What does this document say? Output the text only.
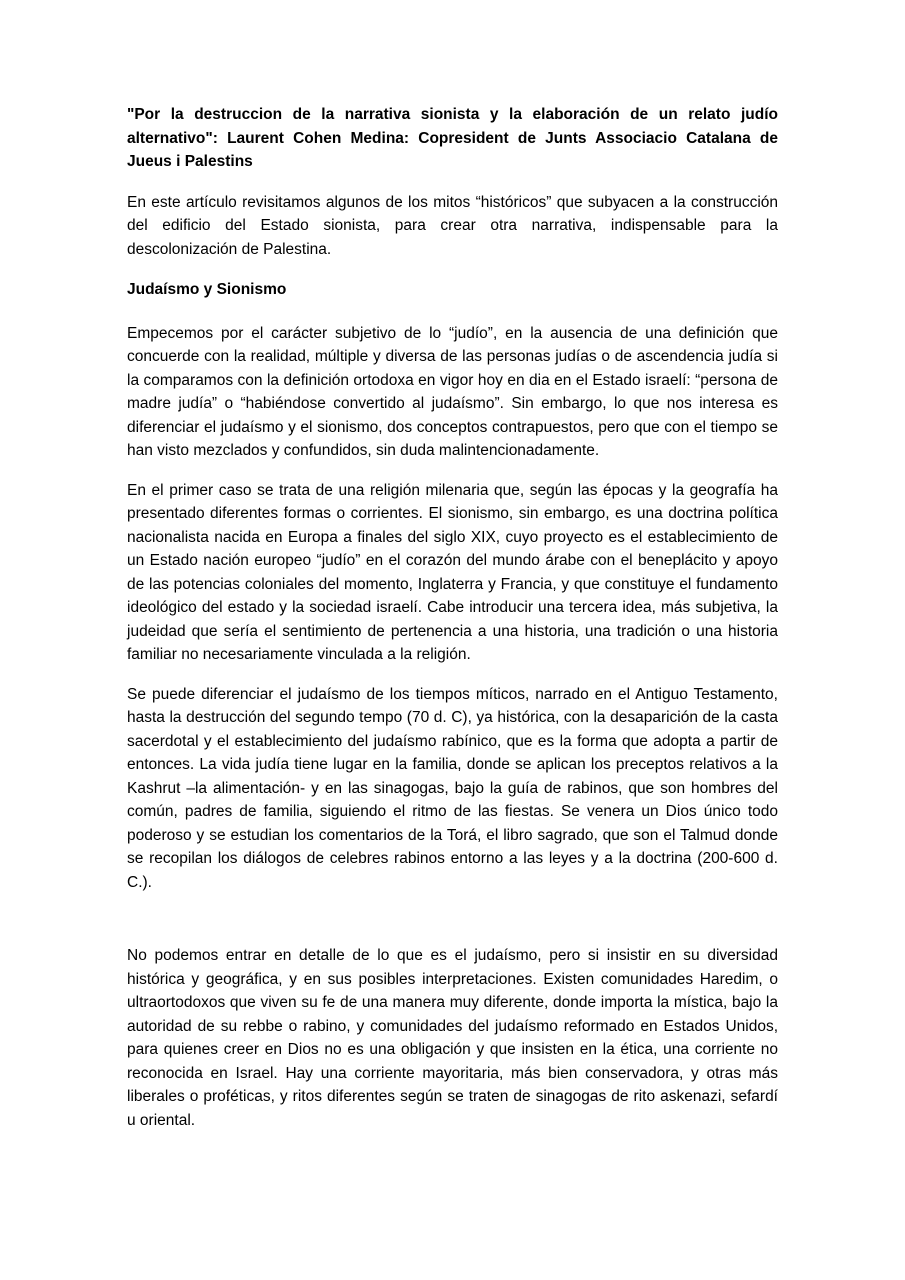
"Por la destruccion de la narrativa sionista y la elaboración de un relato judío alternativo": Laurent Cohen Medina: Copresident de Junts Associacio Catalana de Jueus i Palestins

En este artículo revisitamos algunos de los mitos “históricos” que subyacen a la construcción del edificio del Estado sionista, para crear otra narrativa, indispensable para la descolonización de Palestina.

Judaísmo y Sionismo

Empecemos por el carácter subjetivo de lo “judío”, en la ausencia de una definición que concuerde con la realidad, múltiple y diversa de las personas judías o de ascendencia judía si la comparamos con la definición ortodoxa en vigor hoy en dia en el Estado israelí: “persona de madre judía” o “habiéndose convertido al judaísmo”. Sin embargo, lo que nos interesa es diferenciar el judaísmo y el sionismo, dos conceptos contrapuestos, pero que con el tiempo se han visto mezclados y confundidos, sin duda malintencionadamente.

En el primer caso se trata de una religión milenaria que, según las épocas y la geografía ha presentado diferentes formas o corrientes. El sionismo, sin embargo, es una doctrina política nacionalista nacida en Europa a finales del siglo XIX, cuyo proyecto es el establecimiento de un Estado nación europeo “judío” en el corazón del mundo árabe con el beneplácito y apoyo de las potencias coloniales del momento, Inglaterra y Francia, y que constituye el fundamento ideológico del estado y la sociedad israelí. Cabe introducir una tercera idea, más subjetiva, la judeidad que sería el sentimiento de pertenencia a una historia, una tradición o una historia familiar no necesariamente vinculada a la religión.

Se puede diferenciar el judaísmo de los tiempos míticos, narrado en el Antiguo Testamento, hasta la destrucción del segundo tempo (70 d. C), ya histórica, con la desaparición de la casta sacerdotal y el establecimiento del judaísmo rabínico, que es la forma que adopta a partir de entonces. La vida judía tiene lugar en la familia, donde se aplican los preceptos relativos a la Kashrut –la alimentación- y en las sinagogas, bajo la guía de rabinos, que son hombres del común, padres de familia, siguiendo el ritmo de las fiestas. Se venera un Dios único todo poderoso y se estudian los comentarios de la Torá, el libro sagrado, que son el Talmud donde se recopilan los diálogos de celebres rabinos entorno a las leyes y a la doctrina (200-600 d. C.).

No podemos entrar en detalle de lo que es el judaísmo, pero si insistir en su diversidad histórica y geográfica, y en sus posibles interpretaciones. Existen comunidades Haredim, o ultraortodoxos que viven su fe de una manera muy diferente, donde importa la mística, bajo la autoridad de su rebbe o rabino, y comunidades del judaísmo reformado en Estados Unidos, para quienes creer en Dios no es una obligación y que insisten en la ética, una corriente no reconocida en Israel. Hay una corriente mayoritaria, más bien conservadora, y otras más liberales o proféticas, y ritos diferentes según se traten de sinagogas de rito askenazi, sefardí u oriental.
